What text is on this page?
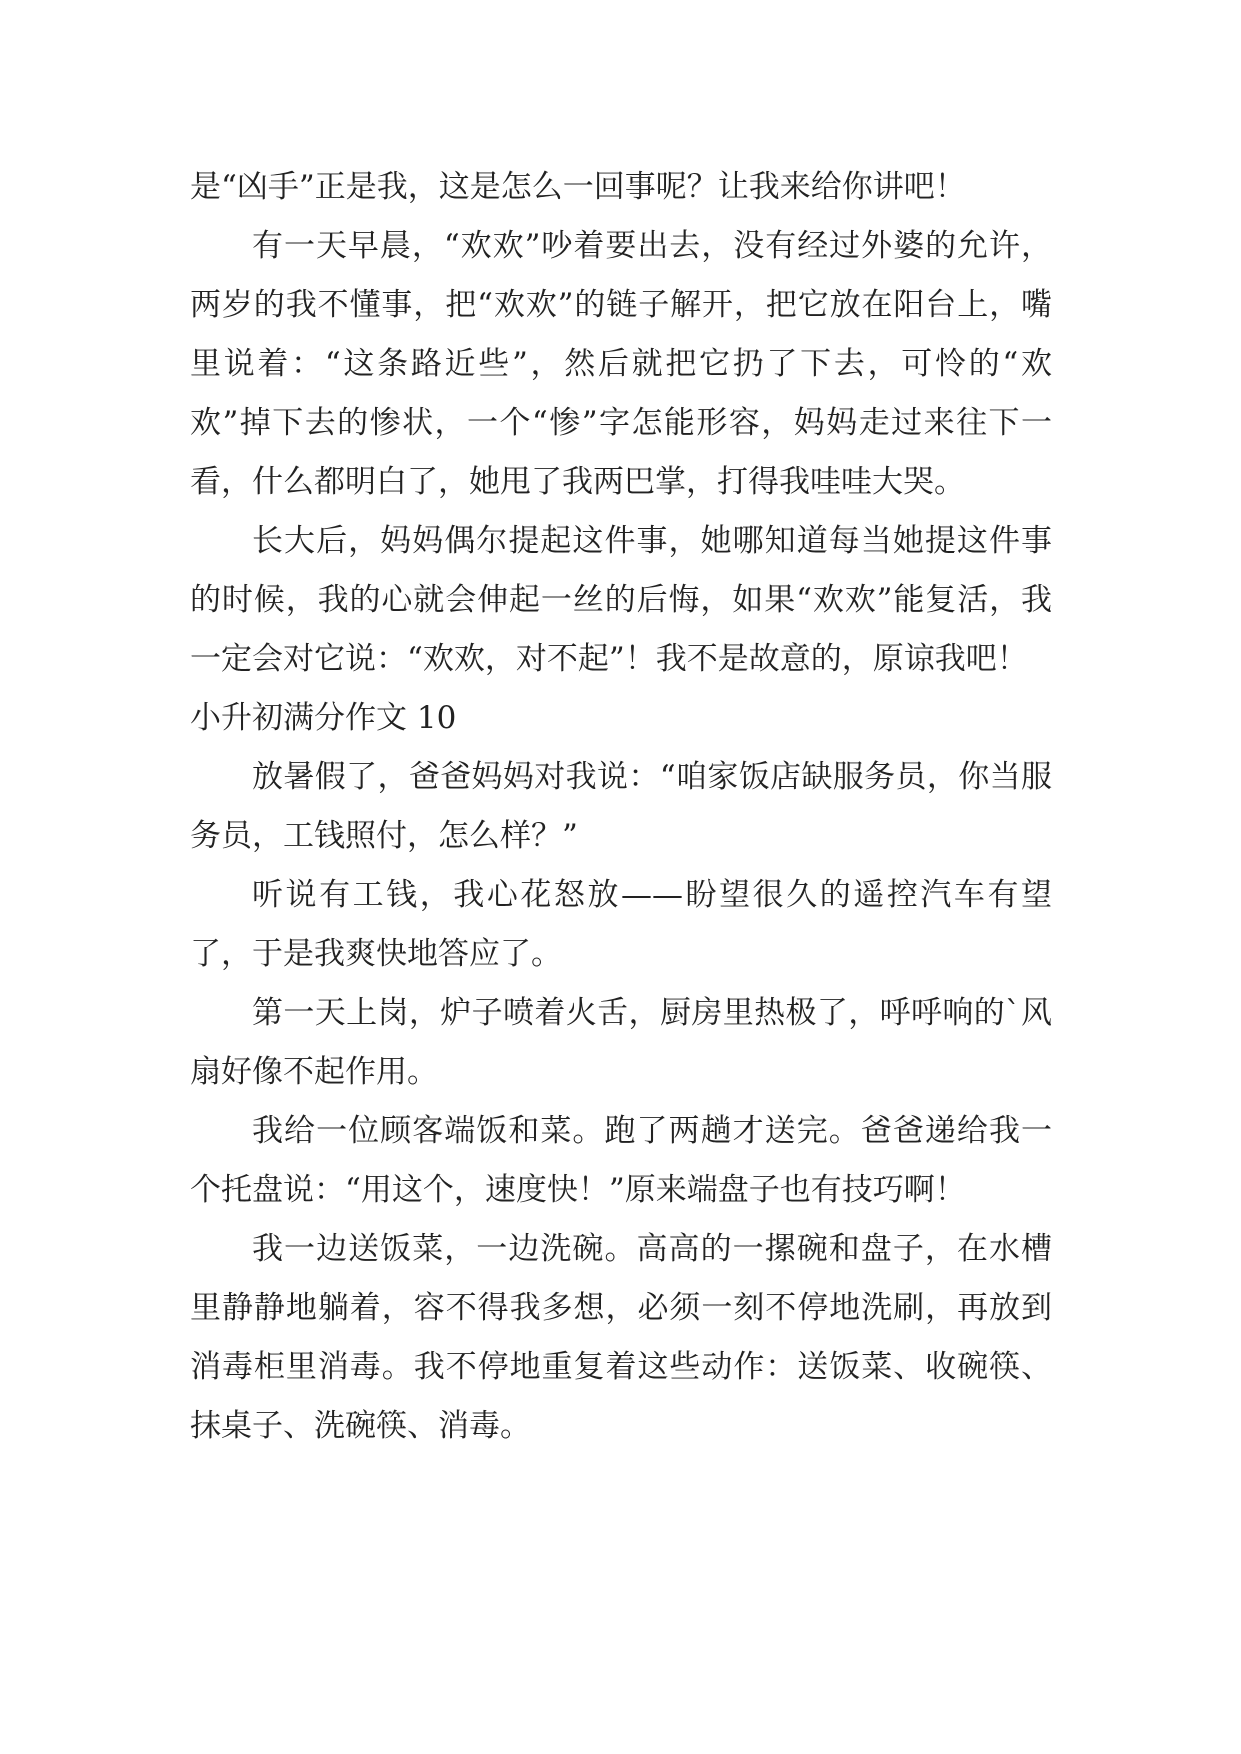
是“凶手”正是我，这是怎么一回事呢？让我来给你讲吧！

有一天早晨，“欢欢”吵着要出去，没有经过外婆的允许，两岁的我不懂事，把“欢欢”的链子解开，把它放在阳台上，嘴里说着：“这条路近些”，然后就把它扔了下去，可怜的“欢欢”掉下去的惨状，一个“惨”字怎能形容，妈妈走过来往下一看，什么都明白了，她甩了我两巴掌，打得我哇哇大哭。

长大后，妈妈偶尔提起这件事，她哪知道每当她提这件事的时候，我的心就会伸起一丝的后悔，如果“欢欢”能复活，我一定会对它说：“欢欢，对不起”！我不是故意的，原谅我吧！

小升初满分作文 10

放暑假了，爸爸妈妈对我说：“咱家饭店缺服务员，你当服务员，工钱照付，怎么样？”

听说有工钱，我心花怒放——盼望很久的遥控汽车有望了，于是我爽快地答应了。

第一天上岗，炉子喷着火舌，厨房里热极了，呼呼响的`风扇好像不起作用。

我给一位顾客端饭和菜。跑了两趟才送完。爸爸递给我一个托盘说：“用这个，速度快！”原来端盘子也有技巧啊！

我一边送饭菜，一边洗碗。高高的一摞碗和盘子，在水槽里静静地躺着，容不得我多想，必须一刻不停地洗刷，再放到消毒柜里消毒。我不停地重复着这些动作：送饭菜、收碗筷、抹桌子、洗碗筷、消毒。
